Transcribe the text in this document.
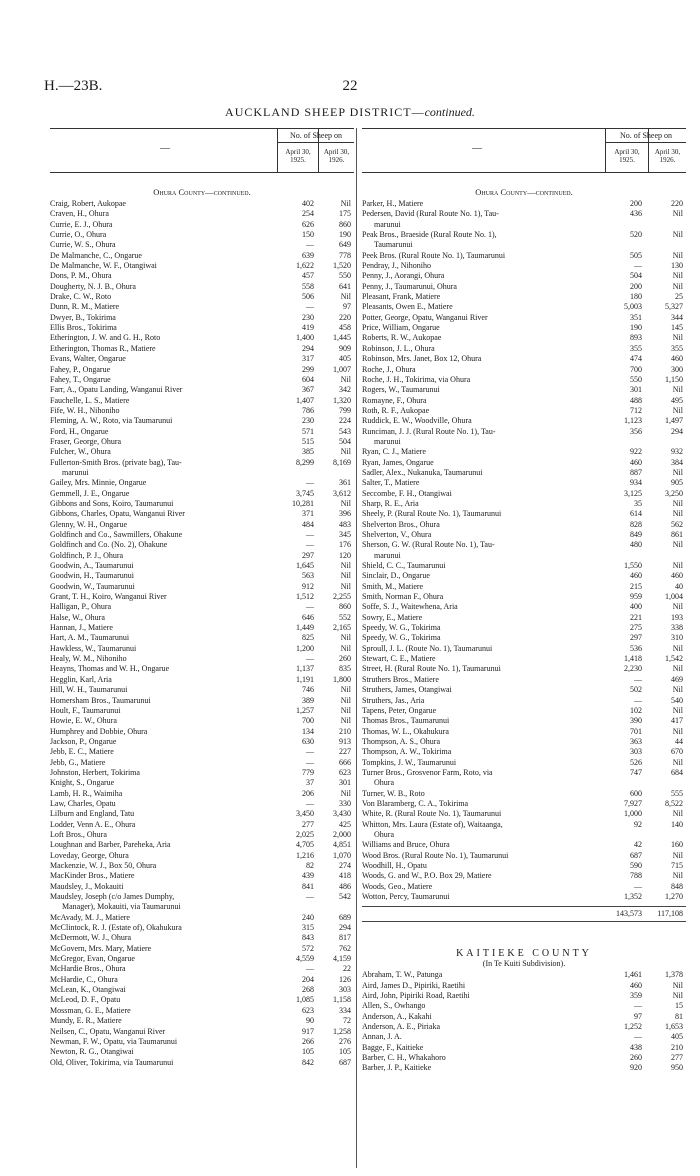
H.—23B.	22
AUCKLAND SHEEP DISTRICT—continued.
—
No. of Sheep on
April 30,
1925.
April 30,
1926.
Ohura County—continued.
Craig, Robert, Aukopae	402	Nil
Craven, H., Ohura	254	175
Currie, E. J., Ohura	626	860
Currie, O., Ohura	150	190
Currie, W. S., Ohura	—	649
De Malmanche, C., Ongarue	639	778
De Malmanche, W. F., Otangiwai	1,622	1,520
Dons, P. M., Ohura	457	550
Dougherty, N. J. B., Ohura	558	641
Drake, C. W., Roto	506	Nil
Dunn, R. M., Matiere	—	97
Dwyer, B., Tokirima	230	220
Ellis Bros., Tokirima	419	458
Etherington, J. W. and G. H., Roto	1,400	1,445
Etherington, Thomas R., Matiere	294	909
Evans, Walter, Ongarue	317	405
Fahey, P., Ongarue	299	1,007
Fahey, T., Ongarue	604	Nil
Farr, A., Opatu Landing, Wanganui River	367	342
Fauchelle, L. S., Matiere	1,407	1,320
Fife, W. H., Nihoniho	786	799
Fleming, A. W., Roto, via Taumarunui	230	224
Ford, H., Ongarue	571	543
Fraser, George, Ohura	515	504
Fulcher, W., Ohura	385	Nil
Fullerton-Smith Bros. (private bag), Tau-	8,299	8,169
marunui
Gailey, Mrs. Minnie, Ongarue	—	361
Gemmell, J. E., Ongarue	3,745	3,612
Gibbons and Sons, Koiro, Taumarunui	10,281	Nil
Gibbons, Charles, Opatu, Wanganui River	371	396
Glenny, W. H., Ongarue	484	483
Goldfinch and Co., Sawmillers, Ohakune	—	345
Goldfinch and Co. (No. 2), Ohakune	—	176
Goldfinch, P. J., Ohura	297	120
Goodwin, A., Taumarunui	1,645	Nil
Goodwin, H., Taumarunui	563	Nil
Goodwin, W., Taumarunui	912	Nil
Grant, T. H., Koiro, Wanganui River	1,512	2,255
Halligan, P., Ohura	—	860
Halse, W., Ohura	646	552
Hannan, J., Matiere	1,449	2,165
Hart, A. M., Taumarunui	825	Nil
Hawkless, W., Taumarunui	1,200	Nil
Healy, W. M., Nihoniho	—	260
Heayns, Thomas and W. H., Ongarue	1,137	835
Hegglin, Karl, Aria	1,191	1,800
Hill, W. H., Taumarunui	746	Nil
Homersham Bros., Taumarunui	389	Nil
Hoult, F., Taumarunui	1,257	Nil
Howie, E. W., Ohura	700	Nil
Humphrey and Dobbie, Ohura	134	210
Jackson, P., Ongarue	630	913
Jebb, E. C., Matiere	—	227
Jebb, G., Matiere	—	666
Johnston, Herbert, Tokirima	779	623
Knight, S., Ongarue	37	301
Lamb, H. R., Waimiha	206	Nil
Law, Charles, Opatu	—	330
Lilburn and England, Tatu	3,450	3,430
Lodder, Venn A. E., Ohura	277	425
Loft Bros., Ohura	2,025	2,000
Loughnan and Barber, Pareheka, Aria	4,705	4,851
Loveday, George, Ohura	1,216	1,070
Mackenzie, W. J., Box 50, Ohura	82	274
MacKinder Bros., Matiere	439	418
Maudsley, J., Mokauiti	841	486
Maudsley, Joseph (c/o James Dumphy,	—	542
Manager), Mokauiti, via Taumarunui
McAvady, M. J., Matiere	240	689
McClintock, R. J. (Estate of), Okahukura	315	294
McDermott, W. J., Ohura	843	817
McGovern, Mrs. Mary, Matiere	572	762
McGregor, Evan, Ongarue	4,559	4,159
McHardie Bros., Ohura	—	22
McHardie, C., Ohura	204	126
McLean, K., Otangiwai	268	303
McLeod, D. F., Opatu	1,085	1,158
Mossman, G. E., Matiere	623	334
Mundy, E. R., Matiere	90	72
Neilsen, C., Opatu, Wanganui River	917	1,258
Newman, F. W., Opatu, via Taumarunui	266	276
Newton, R. G., Otangiwai	105	105
Old, Oliver, Tokirima, via Taumarunui	842	687
—
No. of Sheep on
April 30,
1925.
April 30,
1926.
Ohura County—continued.
Parker, H., Matiere	200	220
Pedersen, David (Rural Route No. 1), Tau-	436	Nil
marunui
Peak Bros., Braeside (Rural Route No. 1),	520	Nil
Taumarunui
Peek Bros. (Rural Route No. 1), Taumarunui	505	Nil
Pendray, J., Nihoniho	—	130
Penny, J., Aorangi, Ohura	504	Nil
Penny, J., Taumarunui, Ohura	200	Nil
Pleasant, Frank, Matiere	180	25
Pleasants, Owen E., Matiere	5,003	5,327
Potter, George, Opatu, Wanganui River	351	344
Price, William, Ongarue	190	145
Roberts, R. W., Aukopae	893	Nil
Robinson, J. L., Ohura	355	355
Robinson, Mrs. Janet, Box 12, Ohura	474	460
Roche, J., Ohura	700	300
Roche, J. H., Tokirima, via Ohura	550	1,150
Rogers, W., Taumarunui	301	Nil
Romayne, F., Ohura	488	495
Roth, R. F., Aukopae	712	Nil
Ruddick, E. W., Woodville, Ohura	1,123	1,497
Runciman, J. J. (Rural Route No. 1), Tau-	356	294
marunui
Ryan, C. J., Matiere	922	932
Ryan, James, Ongarue	460	384
Sadler, Alex., Nukanuka, Taumarunui	887	Nil
Salter, T., Matiere	934	905
Seccombe, F. H., Otangiwai	3,125	3,250
Sharp, R. E., Aria	35	Nil
Sheely, P. (Rural Route No. 1), Taumarunui	614	Nil
Shelverton Bros., Ohura	828	562
Shelverton, V., Ohura	849	861
Sherson, G. W. (Rural Route No. 1), Tau-	480	Nil
marunui
Shield, C. C., Taumarunui	1,550	Nil
Sinclair, D., Ongarue	460	460
Smith, M., Matiere	215	40
Smith, Norman F., Ohura	959	1,004
Soffe, S. J., Waitewhena, Aria	400	Nil
Sowry, E., Matiere	221	193
Speedy, W. G., Tokirima	275	338
Speedy, W. G., Tokirima	297	310
Sproull, J. L. (Route No. 1), Taumarunui	536	Nil
Stewart, C. E., Matiere	1,418	1,542
Street, H. (Rural Route No. 1), Taumarunui	2,230	Nil
Struthers Bros., Matiere	—	469
Struthers, James, Otangiwai	502	Nil
Struthers, Jas., Aria	—	540
Tapens, Peter, Ongarue	102	Nil
Thomas Bros., Taumarunui	390	417
Thomas, W. L., Okahukura	701	Nil
Thompson, A. S., Ohura	363	44
Thompson, A. W., Tokirima	303	670
Tompkins, J. W., Taumarunui	526	Nil
Turner Bros., Grosvenor Farm, Roto, via	747	684
Ohura
Turner, W. B., Roto	600	555
Von Blaramberg, C. A., Tokirima	7,927	8,522
White, R. (Rural Route No. 1), Taumarunui	1,000	Nil
Whitton, Mrs. Laura (Estate of), Waitaanga,	92	140
Ohura
Williams and Bruce, Ohura	42	160
Wood Bros. (Rural Route No. 1), Taumarunui	687	Nil
Woodhill, H., Opatu	590	715
Woods, G. and W., P.O. Box 29, Matiere	788	Nil
Woods, Geo., Matiere	—	848
Wotton, Percy, Taumarunui	1,352	1,270
143,573	117,108
KAITIEKE COUNTY
(In Te Kuiti Subdivision).
Abraham, T. W., Patunga	1,461	1,378
Aird, James D., Pipiriki, Raetihi	460	Nil
Aird, John, Pipiriki Road, Raetihi	359	Nil
Allen, S., Owhango	—	15
Anderson, A., Kakahi	97	81
Anderson, A. E., Piriaka	1,252	1,653
Annan, J. A.	—	405
Bagge, F., Kaitieke	438	210
Barber, C. H., Whakahoro	260	277
Barber, J. P., Kaitieke	920	950
